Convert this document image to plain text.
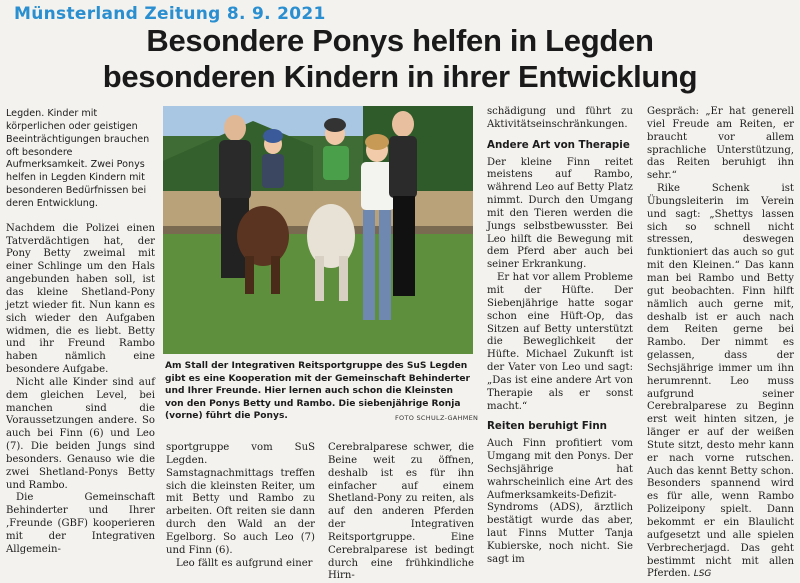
Münsterland Zeitung 8. 9. 2021
Besondere Ponys helfen in Legden
besonderen Kindern in ihrer Entwicklung

Legden. Kinder mit körperlichen oder geistigen Beeinträchtigungen brauchen oft besondere Aufmerksamkeit. Zwei Ponys helfen in Legden Kindern mit besonderen Bedürfnissen bei deren Entwicklung.

Nachdem die Polizei einen Tatverdächtigen hat, der Pony Betty zweimal mit einer Schlinge um den Hals angebunden haben soll, ist das kleine Shetland-Pony jetzt wieder fit. Nun kann es sich wieder den Aufgaben widmen, die es liebt. Betty und ihr Freund Rambo haben nämlich eine besondere Aufgabe.

Nicht alle Kinder sind auf dem gleichen Level, bei manchen sind die Voraussetzungen andere. So auch bei Finn (6) und Leo (7). Die beiden Jungs sind besonders. Genauso wie die zwei Shetland-Ponys Betty und Rambo.

Die Gemeinschaft Behinderter und Ihrer ‚Freunde (GBF) kooperieren mit der Integrativen Allgemein-

Am Stall der Integrativen Reitsportgruppe des SuS Legden gibt es eine Kooperation mit der Gemeinschaft Behinderter und Ihrer Freunde. Hier lernen auch schon die Kleinsten von den Ponys Betty und Rambo. Die siebenjährige Ronja (vorne) führt die Ponys.	FOTO SCHULZ-GAHMEN

sportgruppe vom SuS Legden. Samstagnachmittags treffen sich die kleinsten Reiter, um mit Betty und Rambo zu arbeiten. Oft reiten sie dann durch den Wald an der Egelborg. So auch Leo (7) und Finn (6).

Leo fällt es aufgrund einer

Cerebralparese schwer, die Beine weit zu öffnen, deshalb ist es für ihn einfacher auf einem Shetland-Pony zu reiten, als auf den anderen Pferden der Integrativen Reitsportgruppe. Eine Cerebralparese ist bedingt durch eine frühkindliche Hirn-

schädigung und führt zu Aktivitätseinschränkungen.

Andere Art von Therapie

Der kleine Finn reitet meistens auf Rambo, während Leo auf Betty Platz nimmt. Durch den Umgang mit den Tieren werden die Jungs selbstbewusster. Bei Leo hilft die Bewegung mit dem Pferd aber auch bei seiner Erkrankung.

Er hat vor allem Probleme mit der Hüfte. Der Siebenjährige hatte sogar schon eine Hüft-Op, das Sitzen auf Betty unterstützt die Beweglichkeit der Hüfte. Michael Zukunft ist der Vater von Leo und sagt: „Das ist eine andere Art von Therapie als er sonst macht.“

Reiten beruhigt Finn

Auch Finn profitiert vom Umgang mit den Ponys. Der Sechsjährige hat wahrscheinlich eine Art des Aufmerksamkeits-Defizit-Syndroms (ADS), ärztlich bestätigt wurde das aber, laut Finns Mutter Tanja Kubierske, noch nicht. Sie sagt im

Gespräch: „Er hat generell viel Freude am Reiten, er braucht vor allem sprachliche Unterstützung, das Reiten beruhigt ihn sehr.“

Rike Schenk ist Übungsleiterin im Verein und sagt: „Shettys lassen sich so schnell nicht stressen, deswegen funktioniert das auch so gut mit den Kleinen.“ Das kann man bei Rambo und Betty gut beobachten. Finn hilft nämlich auch gerne mit, deshalb ist er auch nach dem Reiten gerne bei Rambo. Der nimmt es gelassen, dass der Sechsjährige immer um ihn herumrennt. Leo muss aufgrund seiner Cerebralparese zu Beginn erst weit hinten sitzen, je länger er auf der weißen Stute sitzt, desto mehr kann er nach vorne rutschen. Auch das kennt Betty schon. Besonders spannend wird es für alle, wenn Rambo Polizeipony spielt. Dann bekommt er ein Blaulicht aufgesetzt und alle spielen Verbrecherjagd. Das geht bestimmt nicht mit allen Pferden. LSG
